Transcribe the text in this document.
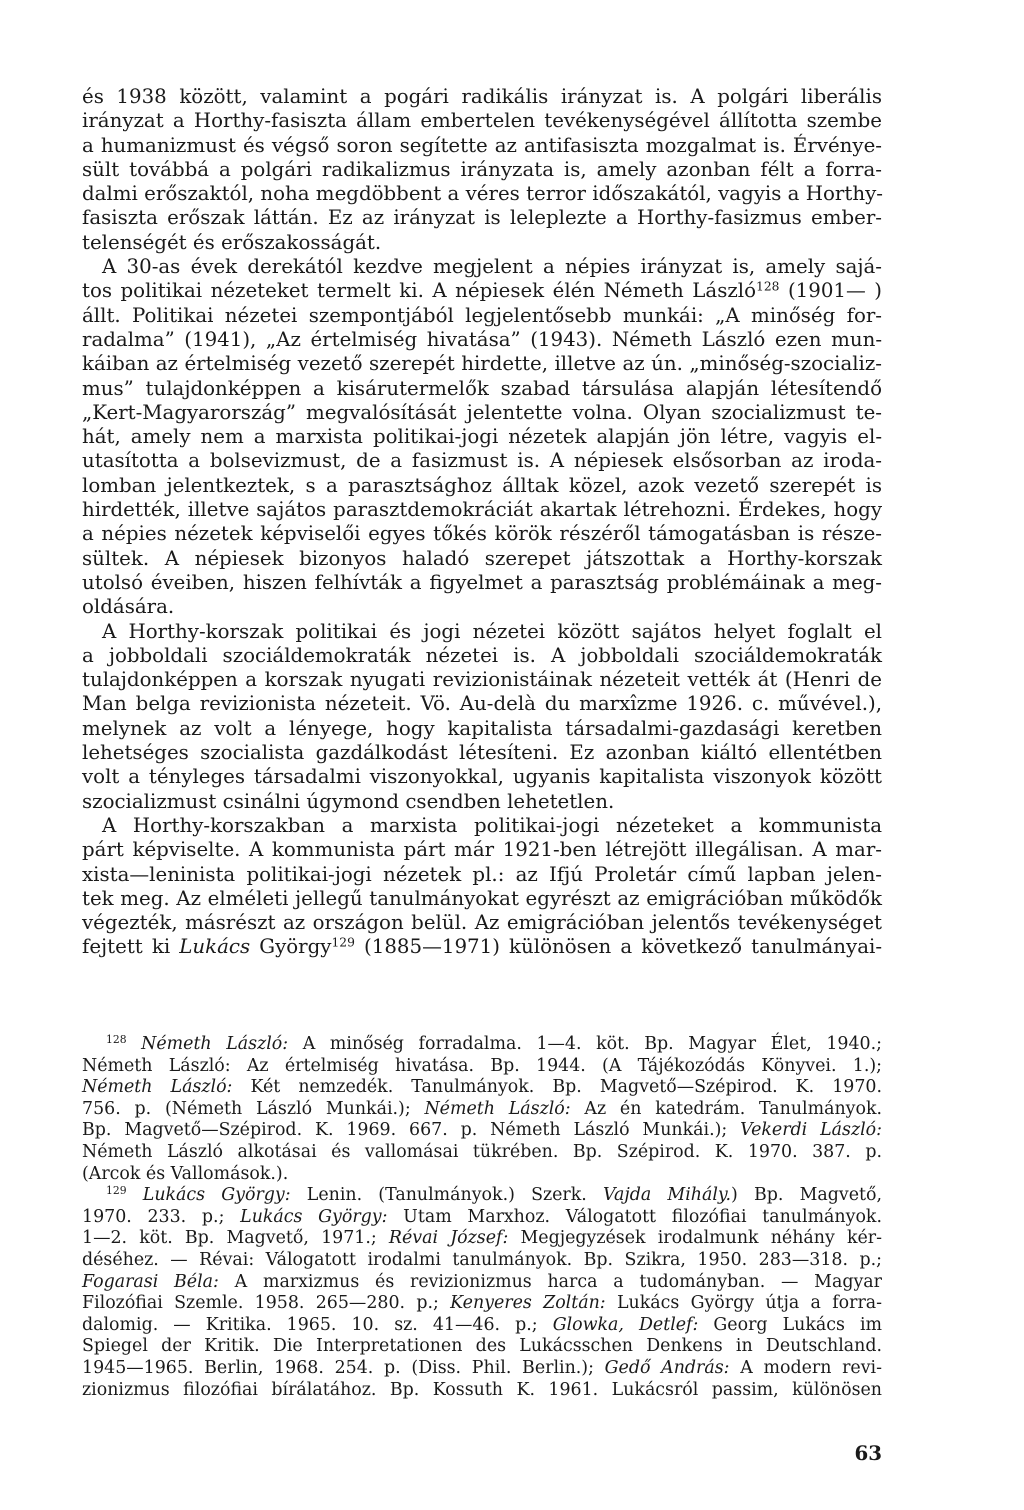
és 1938 között, valamint a pogári radikális irányzat is. A polgári liberális
irányzat a Horthy-fasiszta állam embertelen tevékenységével állította szembe
a humanizmust és végső soron segítette az antifasiszta mozgalmat is. Érvénye-
sült továbbá a polgári radikalizmus irányzata is, amely azonban félt a forra-
dalmi erőszaktól, noha megdöbbent a véres terror időszakától, vagyis a Horthy-
fasiszta erőszak láttán. Ez az irányzat is leleplezte a Horthy-fasizmus ember-
telenségét és erőszakosságát.
A 30-as évek derekától kezdve megjelent a népies irányzat is, amely sajá-
tos politikai nézeteket termelt ki. A népiesek élén Németh László$^{128}$ (1901— )
állt. Politikai nézetei szempontjából legjelentősebb munkái: „A minőség for-
radalma” (1941), „Az értelmiség hivatása” (1943). Németh László ezen mun-
káiban az értelmiség vezető szerepét hirdette, illetve az ún. „minőség-szocializ-
mus” tulajdonképpen a kisárutermelők szabad társulása alapján létesítendő
„Kert-Magyarország” megvalósítását jelentette volna. Olyan szocializmust te-
hát, amely nem a marxista politikai-jogi nézetek alapján jön létre, vagyis el-
utasította a bolsevizmust, de a fasizmust is. A népiesek elsősorban az iroda-
lomban jelentkeztek, s a parasztsághoz álltak közel, azok vezető szerepét is
hirdették, illetve sajátos parasztdemokráciát akartak létrehozni. Érdekes, hogy
a népies nézetek képviselői egyes tőkés körök részéről támogatásban is része-
sültek. A népiesek bizonyos haladó szerepet játszottak a Horthy-korszak
utolsó éveiben, hiszen felhívták a figyelmet a parasztság problémáinak a meg-
oldására.
A Horthy-korszak politikai és jogi nézetei között sajátos helyet foglalt el
a jobboldali szociáldemokraták nézetei is. A jobboldali szociáldemokraták
tulajdonképpen a korszak nyugati revizionistáinak nézeteit vették át (Henri de
Man belga revizionista nézeteit. Vö. Au-delà du marxîzme 1926. c. művével.),
melynek az volt a lényege, hogy kapitalista társadalmi-gazdasági keretben
lehetséges szocialista gazdálkodást létesíteni. Ez azonban kiáltó ellentétben
volt a tényleges társadalmi viszonyokkal, ugyanis kapitalista viszonyok között
szocializmust csinálni úgymond csendben lehetetlen.
A Horthy-korszakban a marxista politikai-jogi nézeteket a kommunista
párt képviselte. A kommunista párt már 1921-ben létrejött illegálisan. A mar-
xista—leninista politikai-jogi nézetek pl.: az Ifjú Proletár című lapban jelen-
tek meg. Az elméleti jellegű tanulmányokat egyrészt az emigrációban működők
végezték, másrészt az országon belül. Az emigrációban jelentős tevékenységet
fejtett ki Lukács György$^{129}$ (1885—1971) különösen a következő tanulmányai-
$^{128}$ Németh László: A minőség forradalma. 1—4. köt. Bp. Magyar Élet, 1940.;
Németh László: Az értelmiség hivatása. Bp. 1944. (A Tájékozódás Könyvei. 1.);
Németh László: Két nemzedék. Tanulmányok. Bp. Magvető—Szépirod. K. 1970.
756. p. (Németh László Munkái.); Németh László: Az én katedrám. Tanulmányok.
Bp. Magvető—Szépirod. K. 1969. 667. p. Németh László Munkái.); Vekerdi László:
Németh László alkotásai és vallomásai tükrében. Bp. Szépirod. K. 1970. 387. p.
(Arcok és Vallomások.).
$^{129}$ Lukács György: Lenin. (Tanulmányok.) Szerk. Vajda Mihály.) Bp. Magvető,
1970. 233. p.; Lukács György: Utam Marxhoz. Válogatott filozófiai tanulmányok.
1—2. köt. Bp. Magvető, 1971.; Révai József: Megjegyzések irodalmunk néhány kér-
déséhez. — Révai: Válogatott irodalmi tanulmányok. Bp. Szikra, 1950. 283—318. p.;
Fogarasi Béla: A marxizmus és revizionizmus harca a tudományban. — Magyar
Filozófiai Szemle. 1958. 265—280. p.; Kenyeres Zoltán: Lukács György útja a forra-
dalomig. — Kritika. 1965. 10. sz. 41—46. p.; Glowka, Detlef: Georg Lukács im
Spiegel der Kritik. Die Interpretationen des Lukácsschen Denkens in Deutschland.
1945—1965. Berlin, 1968. 254. p. (Diss. Phil. Berlin.); Gedő András: A modern revi-
zionizmus filozófiai bírálatához. Bp. Kossuth K. 1961. Lukácsról passim, különösen
63
